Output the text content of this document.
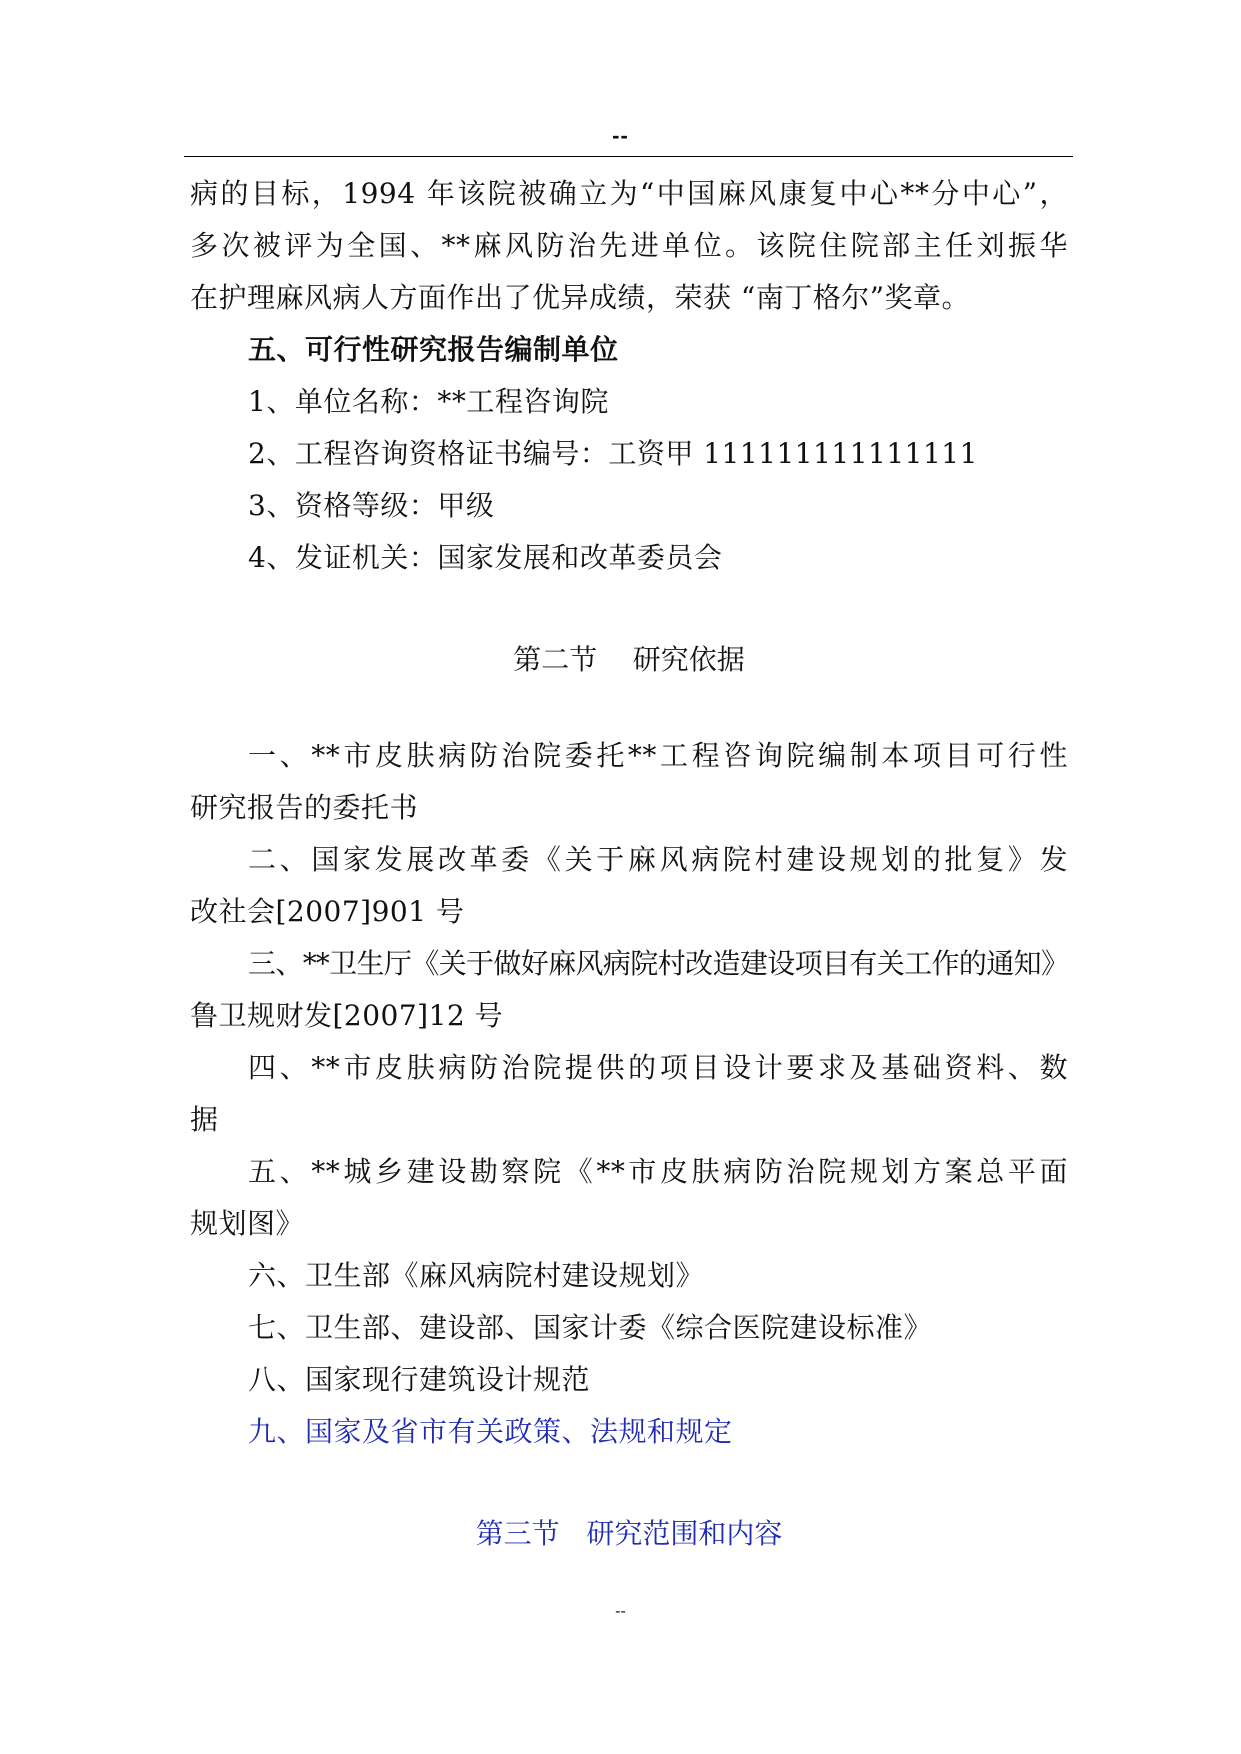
--
病的目标，1994 年该院被确立为“中国麻风康复中心**分中心”，
多次被评为全国、**麻风防治先进单位。该院住院部主任刘振华
在护理麻风病人方面作出了优异成绩，荣获 “南丁格尔”奖章。
五、可行性研究报告编制单位
1、单位名称：**工程咨询院
2、工程咨询资格证书编号：工资甲 111111111111111
3、资格等级：甲级
4、发证机关：国家发展和改革委员会
第二节    研究依据
一、**市皮肤病防治院委托**工程咨询院编制本项目可行性
研究报告的委托书
二、国家发展改革委《关于麻风病院村建设规划的批复》发
改社会[2007]901 号
三、**卫生厅《关于做好麻风病院村改造建设项目有关工作的通知》
鲁卫规财发[2007]12 号
四、**市皮肤病防治院提供的项目设计要求及基础资料、数
据
五、**城乡建设勘察院《**市皮肤病防治院规划方案总平面
规划图》
六、卫生部《麻风病院村建设规划》
七、卫生部、建设部、国家计委《综合医院建设标准》
八、国家现行建筑设计规范
九、国家及省市有关政策、法规和规定
第三节   研究范围和内容
--
